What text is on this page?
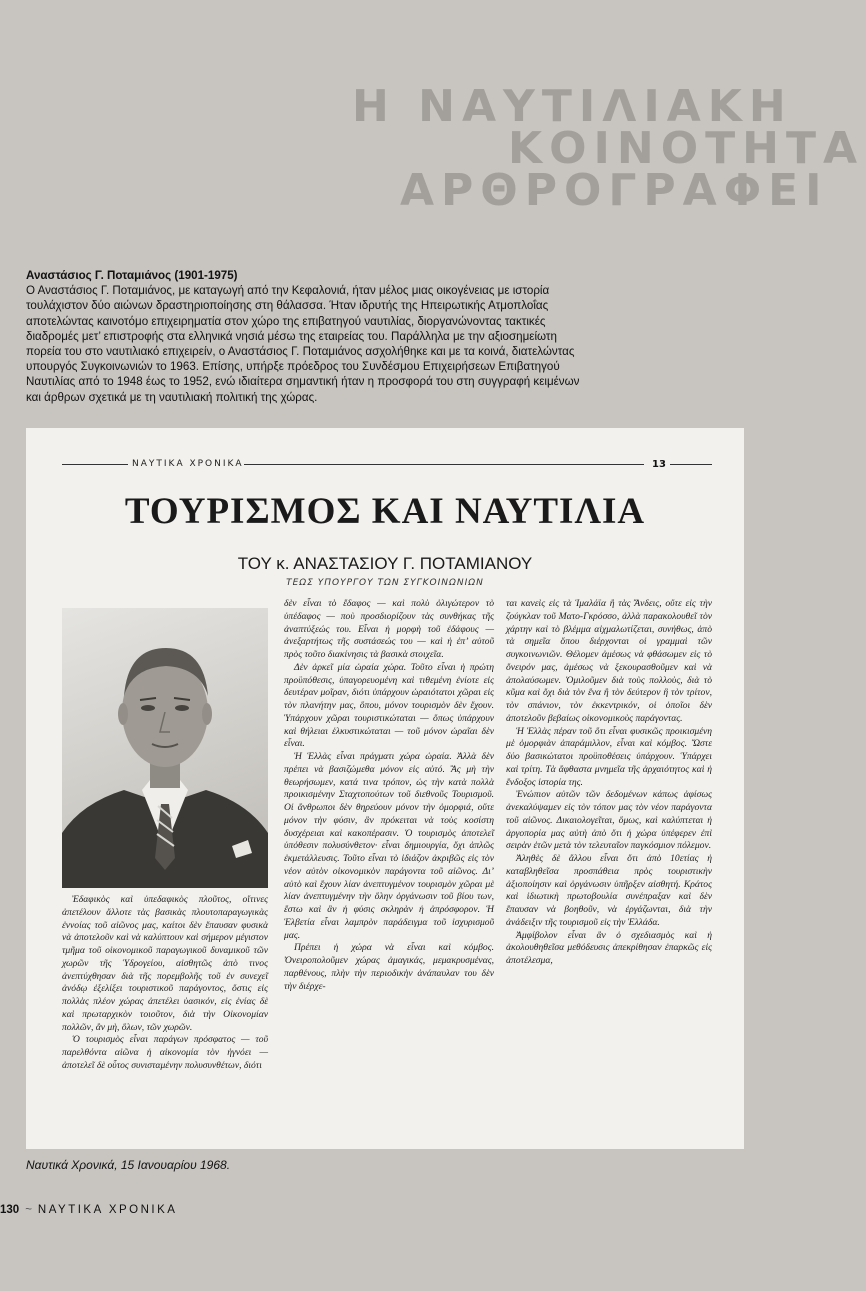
Η ΝΑΥΤΙΛΙΑΚΗ
ΚΟΙΝΟΤΗΤΑ
ΑΡΘΡΟΓΡΑΦΕΙ
Αναστάσιος Γ. Ποταμιάνος (1901-1975)
Ο Αναστάσιος Γ. Ποταμιάνος, με καταγωγή από την Κεφαλονιά, ήταν μέλος μιας οικογένειας με ιστορία τουλάχιστον δύο αιώνων δραστηριοποίησης στη θάλασσα. Ήταν ιδρυτής της Ηπειρωτικής Ατμοπλοΐας αποτελώντας καινοτόμο επιχειρηματία στον χώρο της επιβατηγού ναυτιλίας, διοργανώνοντας τακτικές διαδρομές μετ’ επιστροφής στα ελληνικά νησιά μέσω της εταιρείας του. Παράλληλα με την αξιοσημείωτη πορεία του στο ναυτιλιακό επιχειρείν, ο Αναστάσιος Γ. Ποταμιάνος ασχολήθηκε και με τα κοινά, διατελώντας υπουργός Συγκοινωνιών το 1963. Επίσης, υπήρξε πρόεδρος του Συνδέσμου Επιχειρήσεων Επιβατηγού Ναυτιλίας από το 1948 έως το 1952, ενώ ιδιαίτερα σημαντική ήταν η προσφορά του στη συγγραφή κειμένων και άρθρων σχετικά με τη ναυτιλιακή πολιτική της χώρας.
ΝΑΥΤΙΚΑ ΧΡΟΝΙΚΑ	13
ΤΟΥΡΙΣΜΟΣ ΚΑΙ ΝΑΥΤΙΛΙΑ
ΤΟΥ κ. ΑΝΑΣΤΑΣΙΟΥ Γ. ΠΟΤΑΜΙΑΝΟΥ
ΤΕΩΣ ΥΠΟΥΡΓΟΥ ΤΩΝ ΣΥΓΚΟΙΝΩΝΙΩΝ

Ἐδαφικὸς καὶ ὑπεδαφικὸς πλοῦτος, οἵτινες ἀπετέλουν ἄλλοτε τὰς βασικὰς πλουτοπαραγωγικὰς ἐννοίας τοῦ αἰῶνος μας, καίτοι δὲν ἔπαυσαν φυσικὰ νὰ ἀποτελοῦν καὶ νὰ καλύπτουν καὶ σήμερον μέγιστον τμῆμα τοῦ οἰκονομικοῦ παραγωγικοῦ δυναμικοῦ τῶν χωρῶν τῆς Ὑδρογείου, αἰσθητῶς ἀπὸ τινος ἀνεπτύχθησαν διὰ τῆς πορεμβολῆς τοῦ ἐν συνεχεῖ ἀνόδῳ ἐξελίξει τουριστικοῦ παράγοντος, ὅστις εἰς πολλὰς πλέον χώρας ἀπετέλει ὑασικόν, εἰς ἐνίας δὲ καὶ πρωταρχικὸν τοιοῦτον, διὰ τὴν Οἰκονομίαν πολλῶν, ἂν μὴ, ὅλων, τῶν χωρῶν.

Ὁ τουρισμὸς εἶναι παράγων πρόσφατος — τοῦ παρελθόντα αἰῶνα ἡ αἰκονομία τὸν ἠγνόει — ἀποτελεῖ δὲ οὗτος συνισταμένην πολυσυνθέτων, διότι

δὲν εἶναι τὸ ἔδαφος — καὶ πολὺ ὀλιγώτερον τὸ ὑπέδαφος — ποὺ προσδιορίζουν τὰς συνθήκας τῆς ἀναπτύξεώς του. Εἶναι ἡ μορφὴ τοῦ ἐδάφους — ἀνεξαρτήτως τῆς συστάσεώς του — καὶ ἡ ἐπ’ αὐτοῦ πρὸς τοῦτο διακίνησις τὰ βασικὰ στοιχεῖα.

Δὲν ἀρκεῖ μία ὡραία χώρα. Τοῦτο εἶναι ἡ πρώτη προϋπόθεσις, ὑπαγορευομένη καὶ τιθεμένη ἐνίοτε εἰς δευτέραν μοῖραν, διότι ὑπάρχουν ὡραιότατοι χῶραι εἰς τὸν πλανήτην μας, ὅπου, μόνον τουρισμὸν δὲν ἔχουν. Ὑπάρχουν χῶραι τουριστικώταται — ὅπως ὑπάρχουν καὶ θήλειαι ἑλκυστικώταται — τοῦ μόνον ὡραῖαι δὲν εἶναι.

Ἡ Ἑλλὰς εἶναι πράγματι χώρα ὡραία. Ἀλλὰ δὲν πρέπει νὰ βασιζώμεθα μόνον εἰς αὐτό. Ἂς μὴ τὴν θεωρήσωμεν, κατά τινα τρόπον, ὡς τὴν κατὰ πολλὰ προικισμένην Σταχτοπούτων τοῦ διεθνοῦς Τουρισμοῦ. Οἱ ἄνθρωποι δὲν θηρεύουν μόνον τὴν ὀμορφιά, οὔτε μόνον τὴν φύσιν, ἂν πρόκειται νὰ τοὺς κοσίστη δυσχέρειαι καὶ κακοπέρασιν. Ὁ τουρισμὸς ἀποτελεῖ ὑπόθεσιν πολυσύνθετον· εἶναι δημιουργία, ὄχι ἁπλῶς ἐκμετάλλευσις. Τοῦτο εἶναι τὸ ἰδιάζον ἀκριβῶς εἰς τὸν νέον αὐτὸν οἰκονομικὸν παράγοντα τοῦ αἰῶνος. Δι’ αὐτὸ καὶ ἔχουν λίαν ἀνεπτυγμένον τουρισμὸν χῶραι μὲ λίαν ἀνεπτυγμένην τὴν ὅλην ὀργάνωσιν τοῦ βίου των, ἔστω καὶ ἂν ἡ φύσις σκληρὰν ἡ ἀπρόσφορον. Ἡ Ἑλβετία εἶναι λαμπρὸν παράδειγμα τοῦ ἰσχυρισμοῦ μας.

Πρέπει ἡ χώρα νὰ εἶναι καὶ κόμβος. Ὀνειροπολοῦμεν χώρας ἀμαγικάς, μεμακρυσμένας, παρθένους, πλὴν τὴν περιοδικὴν ἀνάπαυλαν του δὲν τὴν διέρχε-

ται κανεὶς εἰς τὰ Ἱμαλάϊα ἢ τὰς Ἄνδεις, οὔτε εἰς τὴν ζούγκλαν τοῦ Ματο-Γκρόσσο, ἀλλὰ παρακολουθεῖ τὸν χάρτην καὶ τὸ βλέμμα αἰχμαλωτίζεται, συνήθως, ἀπὸ τὰ σημεῖα ὅπου διέρχονται οἱ γραμμαὶ τῶν συγκοινωνιῶν. Θέλομεν ἀμέσως νὰ φθάσωμεν εἰς τὸ ὄνειρόν μας, ἀμέσως νὰ ξεκουρασθοῦμεν καὶ νὰ ἀπολαύσωμεν. Ὁμιλοῦμεν διὰ τοὺς πολλοὺς, διὰ τὸ κῦμα καὶ ὄχι διὰ τὸν ἕνα ἢ τὸν δεύτερον ἢ τὸν τρίτον, τὸν σπάνιον, τὸν ἐκκεντρικόν, οἱ ὁποῖοι δὲν ἀποτελοῦν βεβαίως οἰκονομικοὺς παράγοντας.

Ἡ Ἑλλὰς πέραν τοῦ ὅτι εἶναι φυσικῶς προικισμένη μὲ ὀμορφιὰν ἀπαράμιλλον, εἶναι καὶ κόμβος. Ὥστε δύο βασικώτατοι προϋποθέσεις ὑπάρχουν. Ὑπάρχει καὶ τρίτη. Τὰ ἄφθαστα μνημεῖα τῆς ἀρχαιότητος καὶ ἡ ἔνδοξος ἱστορία της.

Ἐνώπιον αὐτῶν τῶν δεδομένων κάπως ἀφίσως ἀνεκαλύψαμεν εἰς τὸν τόπον μας τὸν νέον παράγοντα τοῦ αἰῶνος. Δικαιολογεῖται, ὅμως, καὶ καλύπτεται ἡ ἀργοπορία μας αὐτὴ ἀπὸ ὅτι ἡ χώρα ὑπέφερεν ἐπὶ σειρὰν ἐτῶν μετὰ τὸν τελευταῖον παγκόσμιον πόλεμον.

Ἀληθὲς δὲ ἄλλου εἶναι ὅτι ἀπὸ 10ετίας ἡ καταβληθεῖσα προσπάθεια πρὸς τουριστικὴν ἀξιοποίησιν καὶ ὀργάνωσιν ὑπῆρξεν αἰσθητή. Κράτος καὶ ἰδιωτικὴ πρωτοβουλία συνέπραξαν καὶ δὲν ἔπαυσαν νὰ βοηθοῦν, νὰ ἐργάζωνται, διὰ τὴν ἀνάδειξιν τῆς τουρισμοῦ εἰς τὴν Ἑλλάδα.

Ἀμφίβολον εἶναι ἂν ὁ σχεδιασμὸς καὶ ἡ ἀκολουθηθεῖσα μεθόδευσις ἀπεκρίθησαν ἐπαρκῶς εἰς ἀποτέλεσμα,

Ναυτικά Χρονικά, 15 Ιανουαρίου 1968.
130 ~ ΝΑΥΤΙΚΑ ΧΡΟΝΙΚΑ
